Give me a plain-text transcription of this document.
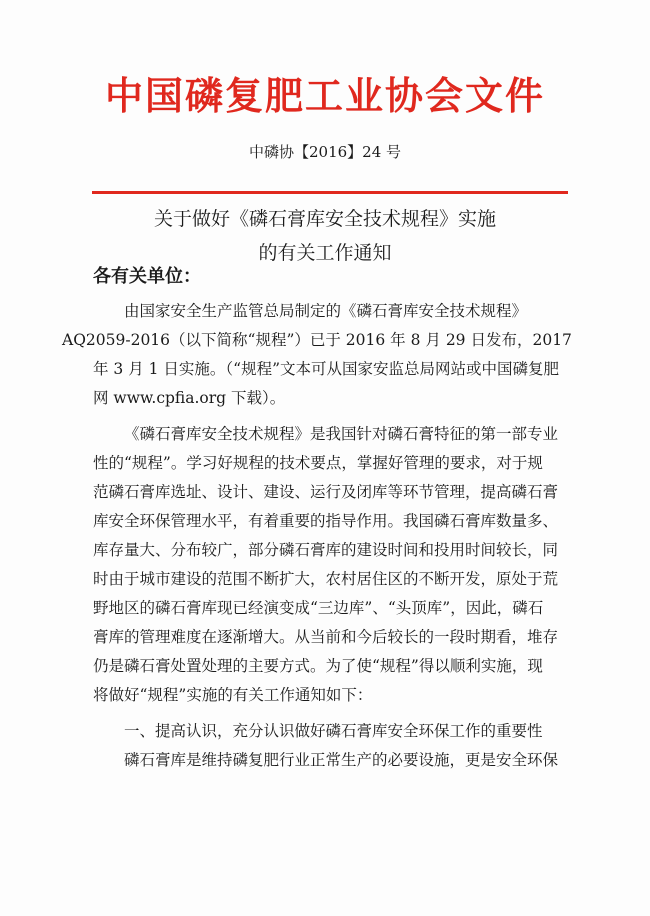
中国磷复肥工业协会文件
中磷协【2016】24 号
关于做好《磷石膏库安全技术规程》实施
的有关工作通知
各有关单位：

由国家安全生产监管总局制定的《磷石膏库安全技术规程》
AQ2059-2016（以下简称“规程”）已于 2016 年 8 月 29 日发布，2017
年 3 月 1 日实施。（“规程”文本可从国家安监总局网站或中国磷复肥
网 www.cpfia.org 下载）。

《磷石膏库安全技术规程》是我国针对磷石膏特征的第一部专业
性的“规程”。学习好规程的技术要点，掌握好管理的要求，对于规
范磷石膏库选址、设计、建设、运行及闭库等环节管理，提高磷石膏
库安全环保管理水平，有着重要的指导作用。我国磷石膏库数量多、
库存量大、分布较广，部分磷石膏库的建设时间和投用时间较长，同
时由于城市建设的范围不断扩大，农村居住区的不断开发，原处于荒
野地区的磷石膏库现已经演变成“三边库”、“头顶库”，因此，磷石
膏库的管理难度在逐渐增大。从当前和今后较长的一段时期看，堆存
仍是磷石膏处置处理的主要方式。为了使“规程”得以顺利实施，现
将做好“规程”实施的有关工作通知如下：

一、提高认识，充分认识做好磷石膏库安全环保工作的重要性

磷石膏库是维持磷复肥行业正常生产的必要设施，更是安全环保
